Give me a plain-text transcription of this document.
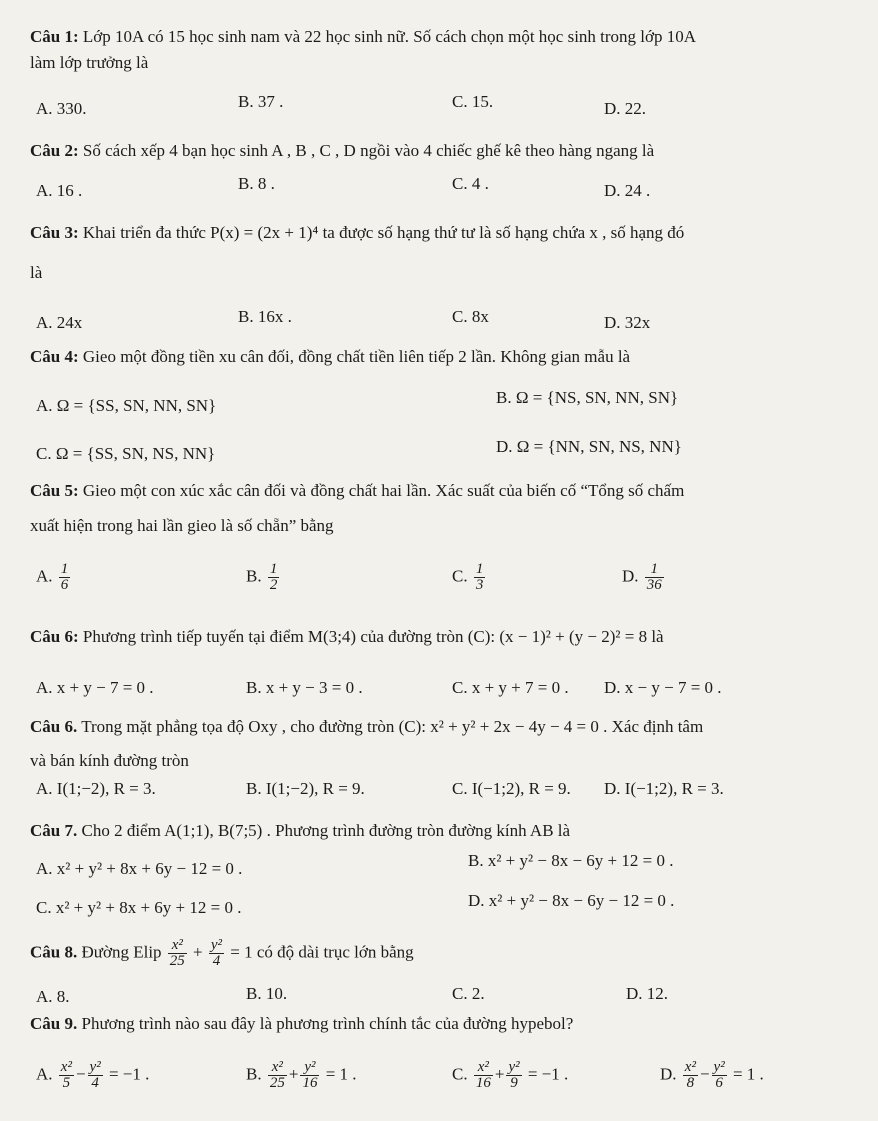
Câu 1: Lớp 10A có 15 học sinh nam và 22 học sinh nữ. Số cách chọn một học sinh trong lớp 10A
làm lớp trưởng là
A. 330.	B. 37 .	C. 15.	D. 22.
Câu 2: Số cách xếp 4 bạn học sinh A , B , C , D ngồi vào 4 chiếc ghế kê theo hàng ngang là
A. 16 .	B. 8 .	C. 4 .	D. 24 .
Câu 3: Khai triển đa thức P(x) = (2x + 1)⁴ ta được số hạng thứ tư là số hạng chứa x , số hạng đó
là
A. 24x	B. 16x .	C. 8x	D. 32x
Câu 4: Gieo một đồng tiền xu cân đối, đồng chất tiền liên tiếp 2 lần. Không gian mẫu là
A. Ω = {SS, SN, NN, SN}	B. Ω = {NS, SN, NN, SN}
C. Ω = {SS, SN, NS, NN}	D. Ω = {NN, SN, NS, NN}
Câu 5: Gieo một con xúc xắc cân đối và đồng chất hai lần. Xác suất của biến cố “Tổng số chấm
xuất hiện trong hai lần gieo là số chẵn” bằng
A. $\frac{1}{6}$	B. $\frac{1}{2}$	C. $\frac{1}{3}$	D. $\frac{1}{36}$
Câu 6: Phương trình tiếp tuyến tại điểm M(3;4) của đường tròn (C): (x − 1)² + (y − 2)² = 8 là
A. x + y − 7 = 0 .	B. x + y − 3 = 0 .	C. x + y + 7 = 0 . D. x − y − 7 = 0 .
Câu 6. Trong mặt phẳng tọa độ Oxy , cho đường tròn (C): x² + y² + 2x − 4y − 4 = 0 . Xác định tâm
và bán kính đường tròn
A. I(1;−2), R = 3.	B. I(1;−2), R = 9.	C. I(−1;2), R = 9. D. I(−1;2), R = 3.
Câu 7. Cho 2 điểm A(1;1), B(7;5) . Phương trình đường tròn đường kính AB là
A. x² + y² + 8x + 6y − 12 = 0 .	B. x² + y² − 8x − 6y + 12 = 0 .
C. x² + y² + 8x + 6y + 12 = 0 .	D. x² + y² − 8x − 6y − 12 = 0 .
Câu 8. Đường Elip $\frac{\text{x²}}{25} + \frac{\text{y²}}{4} = 1$ có độ dài trục lớn bằng
A. 8.	B. 10.	C. 2.	D. 12.
Câu 9. Phương trình nào sau đây là phương trình chính tắc của đường hypebol?
A. $\frac{\text{x²}}{5} - \frac{\text{y²}}{4} = -1$ .	B. $\frac{\text{x²}}{25} + \frac{\text{y²}}{16} = 1$ .	C. $\frac{\text{x²}}{16} + \frac{\text{y²}}{9} = -1$ .	D. $\frac{\text{x²}}{8} - \frac{\text{y²}}{6} = 1$ .
